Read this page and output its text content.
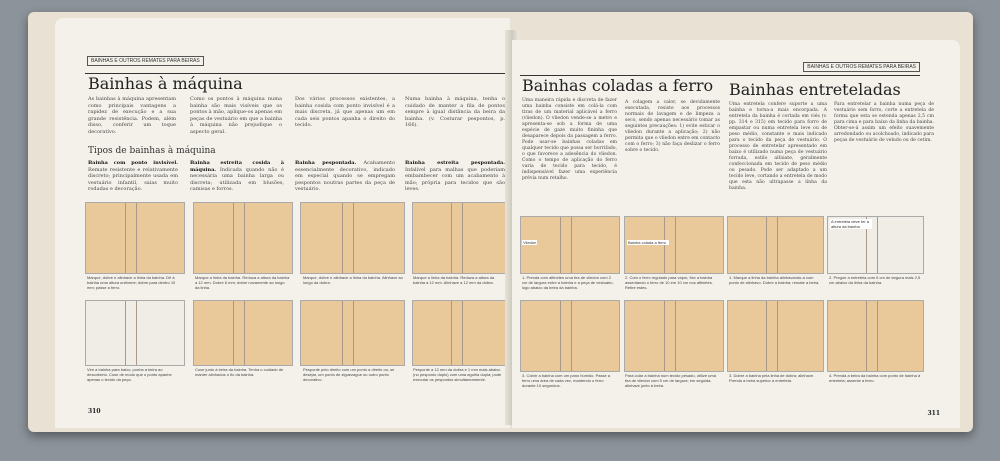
BAINHAS E OUTROS REMATES PARA BEIRAS
Bainhas à máquina
As bainhas à máquina apresentam como principais vantagens a rapidez de execução e a sua grande resistência. Podem, além disso, conferir um toque decorativo.
Como os pontos à máquina numa bainha são mais visíveis que os pontos à mão, aplique-os apenas em peças de vestuário em que a bainha à máquina não prejudique o aspecto geral.
Dos vários processos existentes, a bainha cosida com ponto invisível é a mais discreta, já que apenas um em cada seis pontos apanha o direito do tecido.
Numa bainha à máquina, tenha o cuidado de manter a fila de pontos sempre à igual distância da beira da bainha. (v. Costurar pespontos, p. 166).
Tipos de bainhas à máquina
Bainha com ponto invisível. Remate resistente e relativamente discreto; principalmente usada em vestuário infantil, saias muito rodadas e decoração.
Bainha estreita cosida à máquina. Indicada quando não é necessária uma bainha larga ou discreta; utilizada em blusões, camisas e forros.
Bainha pespontada. Acabamento essencialmente decorativo, indicado em especial quando se empregam pespontos noutras partes da peça de vestuário.
Bainha estreita pespontada. Infalível para malhas que poderiam embambecer com um acabamento à mão; própria para tecidos que são leves.
Marque, dobre e alinhave a linha da bainha. Dê à bainha uma altura uniforme; dobre para dentro 10 mm; passe a ferro.
Marque a linha da bainha. Reduza a altura da bainha a 12 mm. Dobre 6 mm; dobre novamente ao longo da linha.
Marque, dobre e alinhave a linha da bainha. Alinhave ao longo da dobra.
Marque a linha da bainha. Reduza a altura da bainha a 12 mm. Alinhave a 12 mm da dobra.
Vire a bainha para baixo, ponha a beira ao descoberto. Cose de modo que o ponto apanhe apenas o tecido da peça.
Cose junto à beira da bainha. Tenha o cuidado de manter alinhados o fio da bainha.
Pesponte pelo direito com um ponto a direito ou, se desejar, um ponto de ziguezague ou outro ponto decorativo.
Pesponte a 12 mm da dobra e 1 mm mais abaixo (no pesponto duplo) com uma agulha dupla; pode executar os pespontos simultaneamente.
310
BAINHAS E OUTROS REMATES PARA BEIRAS
Bainhas coladas a ferro
Uma maneira rápida e discreta de fazer uma bainha consiste em colá-la com tiras de um material aplicável a ferro (vliedon). O vliedon vende-se a metro e apresenta-se sob a forma de uma espécie de gaze muito fininha que desaparece depois da passagem a ferro. Pode usar-se bainhas coladas em qualquer tecido que possa ser borrifado, o que favorece a adesência do vliedon. Como o tempo de aplicação do ferro varia de tecido para tecido, é indispensável fazer uma experiência prévia num retalho.
A colagem a calor, se devidamente executada, resiste aos processos normais de lavagem e de limpeza a seco, sendo apenas necessário tomar as seguintes precauções: 1) evite esticar o vliedon durante a aplicação; 2) não permita que o vliedon entre em contacto com o ferro; 3) não faça deslizar o ferro sobre o tecido.
Bainhas entreteladas
Uma entretela confere suporte a uma bainha e torna-a mais encorpada. A entretela da bainha é cortada em viés (v. pp. 314 e 315) em tecido para forro de empastar ou numa entretela leve ou de peso médio, constante e mais indicado para o tecido da peça de vestuário. O processo de entretelar apresentado em baixo é utilizado numa peça de vestuário forrada, estilo alfaiate, geralmente confeccionada em tecido de peso médio ou pesado. Pode ser adaptado a um tecido leve, cortando a entretela de modo que esta não ultrapasse a linha da bainha.
Para entretelar a bainha numa peça de vestuário sem forro, corte a entretela de forma que esta se estenda apenas 2,5 cm para cima e para baixo da linha da bainha. Obter-se-á assim um efeito suavemente arredondado ou acolchoado, indicado para peças de vestuário de veludo ou de cetim.
Vliedon	Bainha colada a ferro
A entretela deve ter a altura da bainha
1. Prenda com alfinetes uma tira de vliedon com 2 cm de largura entre a bainha e a peça de vestuário, logo abaixo da beira da bainha.
2. Com o ferro regulado para vapor, fixe a bainha assentando o ferro de 10 em 10 cm nos alfinetes. Retire estes.
1. Marque a linha da bainha alinhavando-a com ponto de alinhavo. Dobre a bainha; remate a beira.
2. Pregue a entretela com 5 cm de largura mais 2,5 cm abaixo da linha da bainha.
3. Cobrir a bainha com um pano húmido. Passe a ferro uma área de cada vez, mantendo o ferro durante 10 segundos.
Para colar a bainha num tecido pesado, utilize uma tira de vliedon com 5 cm de largura; em seguida, alinhave junto à beira.
3. Dobre a bainha pela linha de dobra; alinhave. Prenda a beira superior à entretela.
4. Prenda a beira da bainha com ponto de bainha à entretela; assente a ferro.
311
